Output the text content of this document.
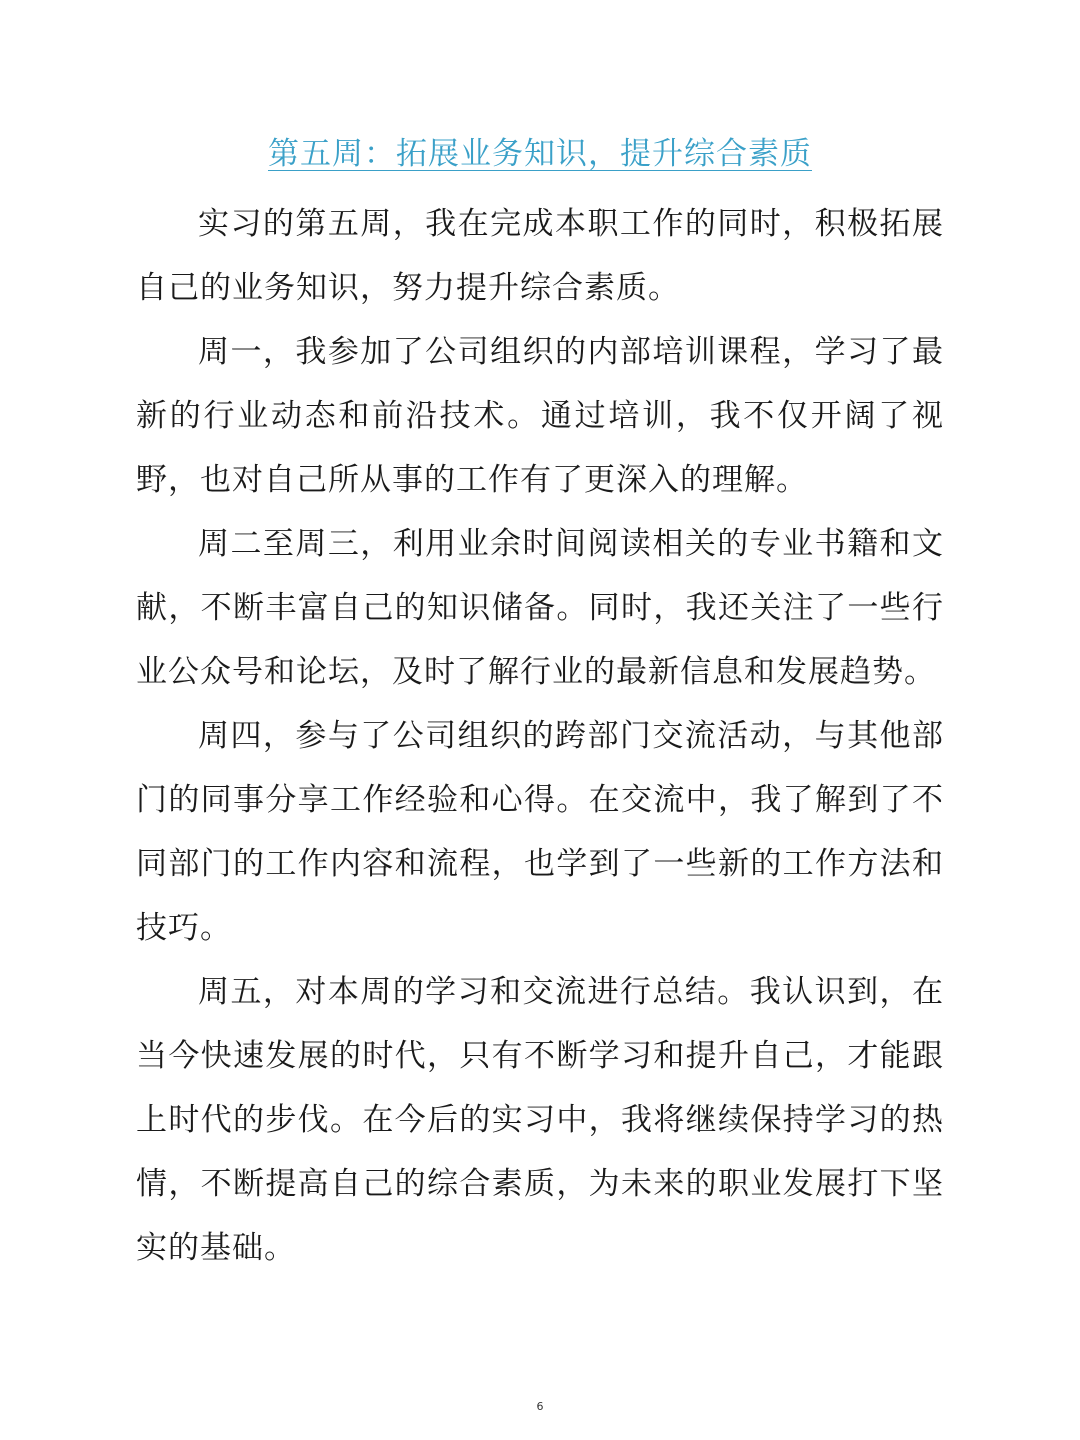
第五周：拓展业务知识，提升综合素质

实习的第五周，我在完成本职工作的同时，积极拓展自己的业务知识，努力提升综合素质。

周一，我参加了公司组织的内部培训课程，学习了最新的行业动态和前沿技术。通过培训，我不仅开阔了视野，也对自己所从事的工作有了更深入的理解。

周二至周三，利用业余时间阅读相关的专业书籍和文献，不断丰富自己的知识储备。同时，我还关注了一些行业公众号和论坛，及时了解行业的最新信息和发展趋势。

周四，参与了公司组织的跨部门交流活动，与其他部门的同事分享工作经验和心得。在交流中，我了解到了不同部门的工作内容和流程，也学到了一些新的工作方法和技巧。

周五，对本周的学习和交流进行总结。我认识到，在当今快速发展的时代，只有不断学习和提升自己，才能跟上时代的步伐。在今后的实习中，我将继续保持学习的热情，不断提高自己的综合素质，为未来的职业发展打下坚实的基础。

6
